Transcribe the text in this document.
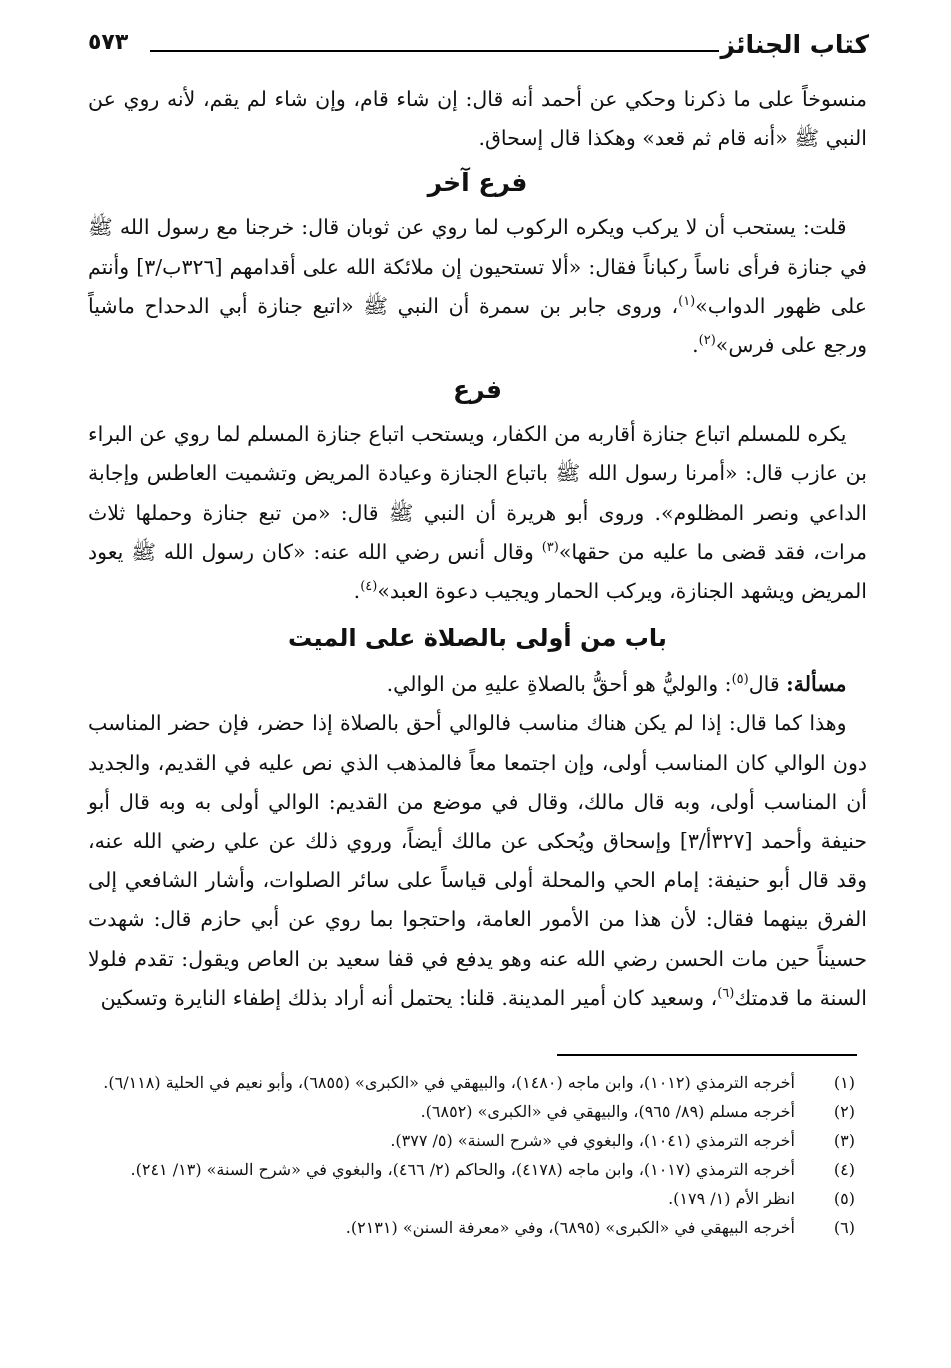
كتاب الجنائز
٥٧٣

منسوخاً على ما ذكرنا وحكي عن أحمد أنه قال: إن شاء قام، وإن شاء لم يقم، لأنه روي عن النبي ﷺ «أنه قام ثم قعد» وهكذا قال إسحاق.

فرع آخر

 قلت: يستحب أن لا يركب ويكره الركوب لما روي عن ثوبان قال: خرجنا مع رسول الله ﷺ في جنازة فرأى ناساً ركباناً فقال: «ألا تستحيون إن ملائكة الله على أقدامهم [٣٢٦ب/٣] وأنتم على ظهور الدواب»$^{(١)}$، وروى جابر بن سمرة أن النبي ﷺ «اتبع جنازة أبي الدحداح ماشياً ورجع على فرس»$^{(٢)}$.

فرع

 يكره للمسلم اتباع جنازة أقاربه من الكفار، ويستحب اتباع جنازة المسلم لما روي عن البراء بن عازب قال: «أمرنا رسول الله ﷺ باتباع الجنازة وعيادة المريض وتشميت العاطس وإجابة الداعي ونصر المظلوم». وروى أبو هريرة أن النبي ﷺ قال: «من تبع جنازة وحملها ثلاث مرات، فقد قضى ما عليه من حقها»$^{(٣)}$ وقال أنس رضي الله عنه: «كان رسول الله ﷺ يعود المريض ويشهد الجنازة، ويركب الحمار ويجيب دعوة العبد»$^{(٤)}$.

باب من أولى بالصلاة على الميت

 مسألة: قال$^{(٥)}$: والوليُّ هو أحقُّ بالصلاةِ عليهِ من الوالي.

 وهذا كما قال: إذا لم يكن هناك مناسب فالوالي أحق بالصلاة إذا حضر، فإن حضر المناسب دون الوالي كان المناسب أولى، وإن اجتمعا معاً فالمذهب الذي نص عليه في القديم، والجديد أن المناسب أولى، وبه قال مالك، وقال في موضع من القديم: الوالي أولى به وبه قال أبو حنيفة وأحمد [٣٢٧أ/٣] وإسحاق ويُحكى عن مالك أيضاً، وروي ذلك عن علي رضي الله عنه، وقد قال أبو حنيفة: إمام الحي والمحلة أولى قياساً على سائر الصلوات، وأشار الشافعي إلى الفرق بينهما فقال: لأن هذا من الأمور العامة، واحتجوا بما روي عن أبي حازم قال: شهدت حسيناً حين مات الحسن رضي الله عنه وهو يدفع في قفا سعيد بن العاص ويقول: تقدم فلولا السنة ما قدمتك$^{(٦)}$، وسعيد كان أمير المدينة. قلنا: يحتمل أنه أراد بذلك إطفاء النايرة وتسكين

(١)
أخرجه الترمذي (١٠١٢)، وابن ماجه (١٤٨٠)، والبيهقي في «الكبرى» (٦٨٥٥)، وأبو نعيم في الحلية (٦/١١٨).

(٢)
أخرجه مسلم (٨٩/ ٩٦٥)، والبيهقي في «الكبرى» (٦٨٥٢).

(٣)
أخرجه الترمذي (١٠٤١)، والبغوي في «شرح السنة» (٥/ ٣٧٧).

(٤)
أخرجه الترمذي (١٠١٧)، وابن ماجه (٤١٧٨)، والحاكم (٢/ ٤٦٦)، والبغوي في «شرح السنة» (١٣/ ٢٤١).

(٥)
انظر الأم (١/ ١٧٩).

(٦)
أخرجه البيهقي في «الكبرى» (٦٨٩٥)، وفي «معرفة السنن» (٢١٣١).
